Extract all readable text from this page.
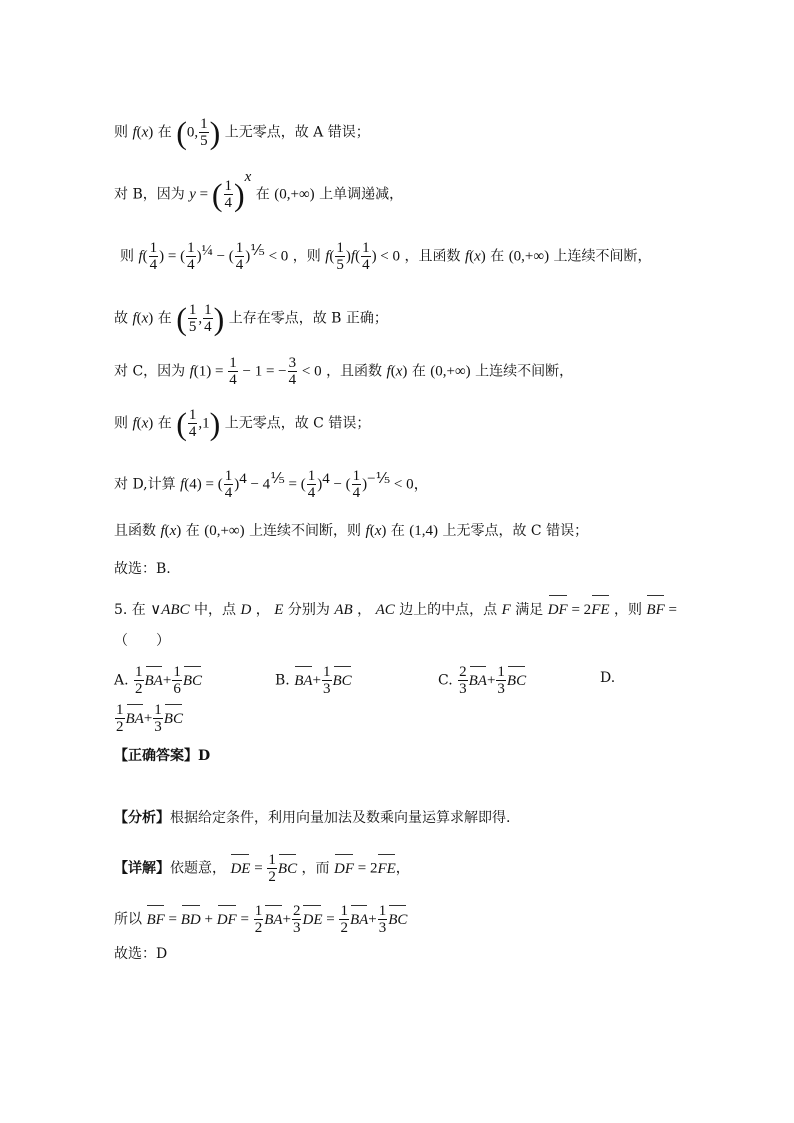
则 f(x) 在 (0, $\frac{1}{5}$ ) 上无零点，故 A 错误；
对 B，因为 y = ( $\frac{1}{4} )^x$ 在 (0,+∞) 上单调递减，
则 $f( \frac{1}{4}$ ) = ( $\frac{1}{4} )^{\frac{1}{4}}$ − ( $\frac{1}{4} )^{\frac{1}{5}} < 0$ ，则 $f( \frac{1}{5} )f( \frac{1}{4}$ ) < 0 ，且函数 f(x) 在 (0,+∞) 上连续不间断，
故 f(x) 在 ( $\frac{1}{5}$ , $\frac{1}{4}$ ) 上存在零点，故 B 正确；
对 C，因为 $f(1) = \frac{1}{4} - 1$ = − $\frac{3}{4} < 0$ ，且函数 f(x) 在 (0,+∞) 上连续不间断，
则 f(x) 在 ( $\frac{1}{4} ,1$) 上无零点，故 C 错误；
对 D,计算 f(4) = ( $\frac{1}{4} )^4 - 4^{\frac{1}{5}}$ = ( $\frac{1}{4} )^4$ − ( $\frac{1}{4} )^{-\frac{1}{5}} < 0$，
且函数 f(x) 在 (0,+∞) 上连续不间断，则 f(x) 在 (1,4) 上无零点，故 C 错误；
故选：B.
5. 在 ∨ABC 中，点 D ， E 分别为 AB ， AC 边上的中点，点 F 满足 DF = 2FE ，则 BF =
（　　）
A. $\frac{1}{2} BA+ \frac{1}{6}$ BC	B. $BA+ \frac{1}{3}$ BC	C. $\frac{2}{3} BA+ \frac{1}{3}$ BC	D.
$\frac{1}{2} BA+ \frac{1}{3}$ BC
【正确答案】D
【分析】根据给定条件，利用向量加法及数乘向量运算求解即得.
【详解】依题意， DE = $\frac{1}{2}$ BC ，而 DF = 2FE，
所以 BF = BD + DF = $\frac{1}{2} BA+ \frac{2}{3}$ DE = $\frac{1}{2} BA+ \frac{1}{3}$ BC
故选：D
